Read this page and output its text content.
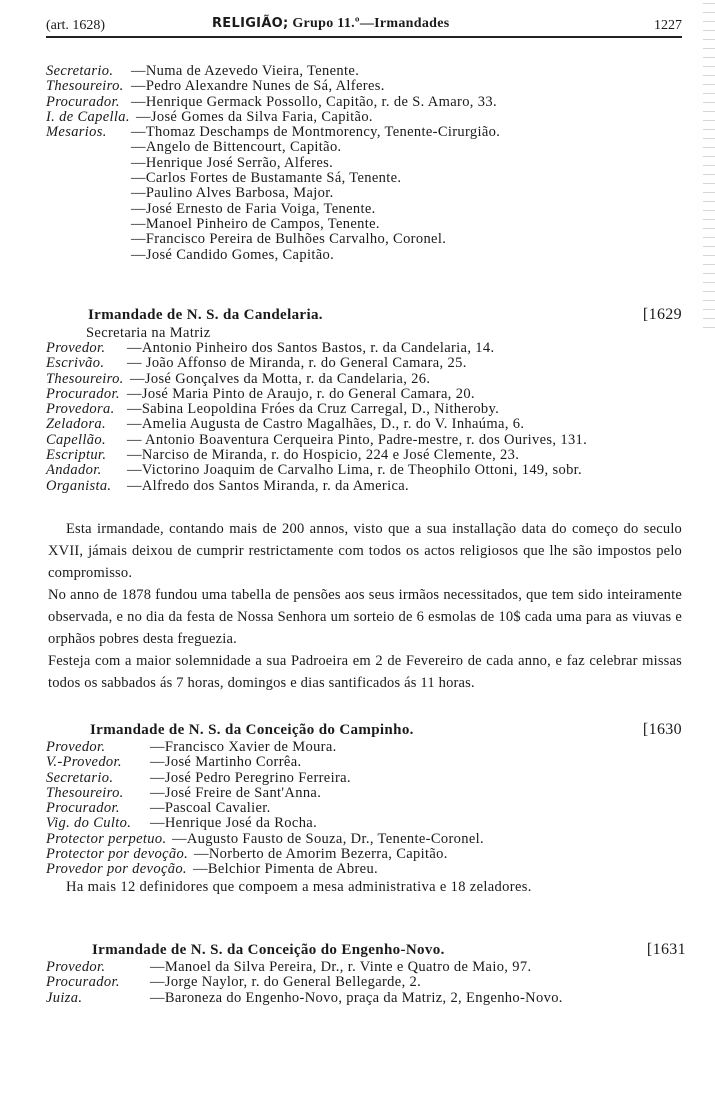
(art. 1628)	RELIGIÃO; Grupo 11.º—Irmandades	1227
Secretario. —Numa de Azevedo Vieira, Tenente.
Thesoureiro. —Pedro Alexandre Nunes de Sá, Alferes.
Procurador. —Henrique Germack Possollo, Capitão, r. de S. Amaro, 33.
I. de Capella. —José Gomes da Silva Faria, Capitão.
Mesarios. —Thomaz Deschamps de Montmorency, Tenente-Cirurgião.
—Angelo de Bittencourt, Capitão.
—Henrique José Serrão, Alferes.
—Carlos Fortes de Bustamante Sá, Tenente.
—Paulino Alves Barbosa, Major.
—José Ernesto de Faria Voiga, Tenente.
—Manoel Pinheiro de Campos, Tenente.
—Francisco Pereira de Bulhões Carvalho, Coronel.
—José Candido Gomes, Capitão.
Irmandade de N. S. da Candelaria.	[1629
Secretaria na Matriz
Provedor. —Antonio Pinheiro dos Santos Bastos, r. da Candelaria, 14.
Escrivão. — João Affonso de Miranda, r. do General Camara, 25.
Thesoureiro. —José Gonçalves da Motta, r. da Candelaria, 26.
Procurador. —José Maria Pinto de Araujo, r. do General Camara, 20.
Provedora. —Sabina Leopoldina Fróes da Cruz Carregal, D., Nitheroby.
Zeladora. —Amelia Augusta de Castro Magalhães, D., r. do V. Inhaúma, 6.
Capellão. — Antonio Boaventura Cerqueira Pinto, Padre-mestre, r. dos Ourives, 131.
Escriptur. —Narciso de Miranda, r. do Hospicio, 224 e José Clemente, 23.
Andador. —Victorino Joaquim de Carvalho Lima, r. de Theophilo Ottoni, 149, sobr.
Organista. —Alfredo dos Santos Miranda, r. da America.

Esta irmandade, contando mais de 200 annos, visto que a sua installação data do começo do seculo XVII, jámais deixou de cumprir restrictamente com todos os actos religiosos que lhe são impostos pelo compromisso.

No anno de 1878 fundou uma tabella de pensões aos seus irmãos necessitados, que tem sido inteiramente observada, e no dia da festa de Nossa Senhora um sorteio de 6 esmolas de 10$ cada uma para as viuvas e orphãos pobres desta freguezia.

Festeja com a maior solemnidade a sua Padroeira em 2 de Fevereiro de cada anno, e faz celebrar missas todos os sabbados ás 7 horas, domingos e dias santificados ás 11 horas.

Irmandade de N. S. da Conceição do Campinho.	[1630
Provedor.	—Francisco Xavier de Moura.
V.-Provedor. —José Martinho Corrêa.
Secretario.	—José Pedro Peregrino Ferreira.
Thesoureiro. —José Freire de Sant'Anna.
Procurador. —Pascoal Cavalier.
Vig. do Culto. —Henrique José da Rocha.
Protector perpetuo. —Augusto Fausto de Souza, Dr., Tenente-Coronel.
Protector por devoção. —Norberto de Amorim Bezerra, Capitão.
Provedor por devoção. —Belchior Pimenta de Abreu.
Ha mais 12 definidores que compoem a mesa administrativa e 18 zeladores.
Irmandade de N. S. da Conceição do Engenho-Novo.	[1631
Provedor.	—Manoel da Silva Pereira, Dr., r. Vinte e Quatro de Maio, 97.
Procurador. —Jorge Naylor, r. do General Bellegarde, 2.
Juiza.	—Baroneza do Engenho-Novo, praça da Matriz, 2, Engenho-Novo.
